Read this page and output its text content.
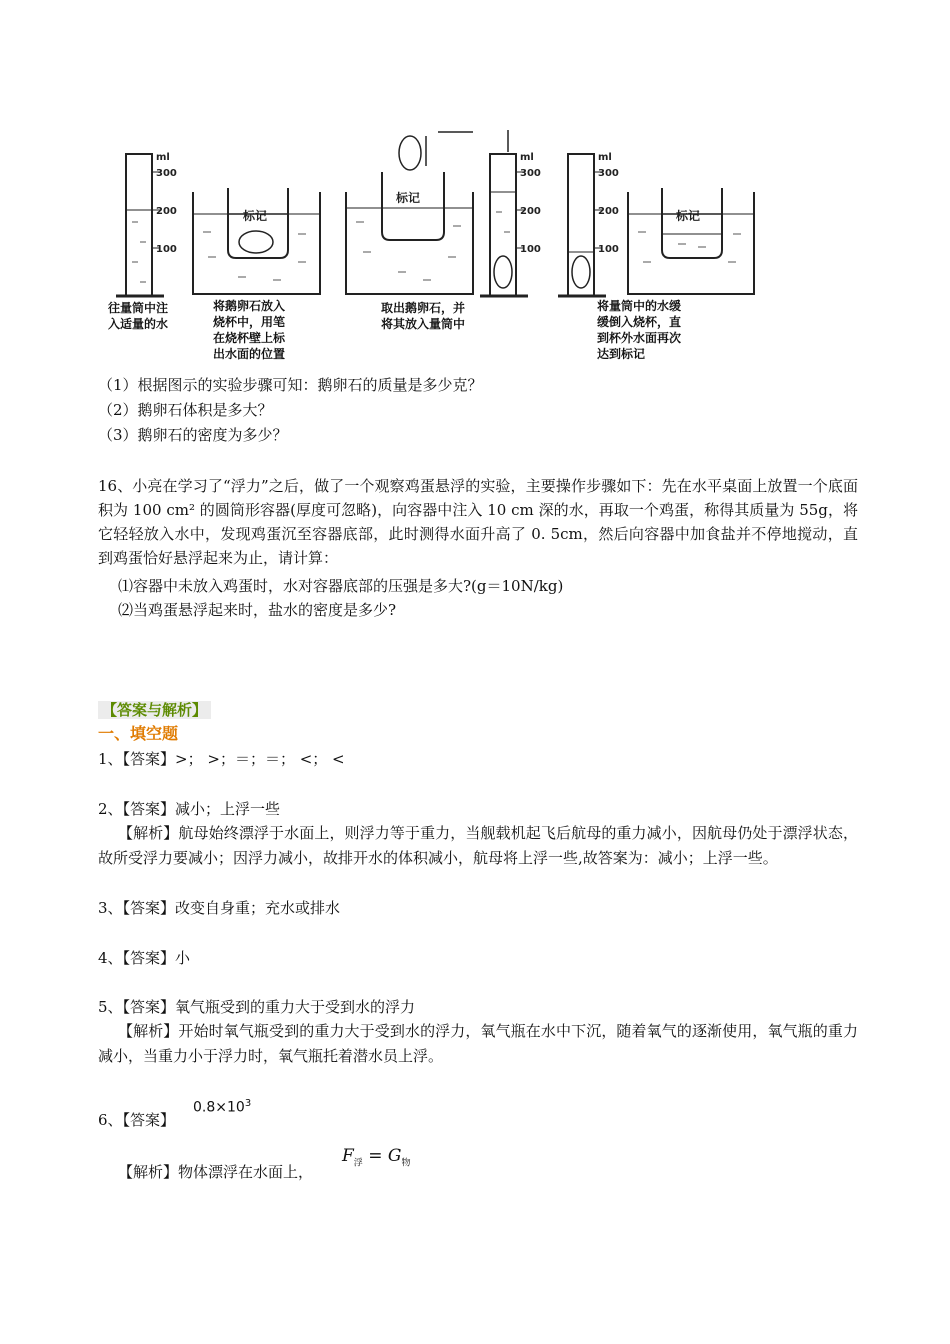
ml
300
200
100
ml
300
200
100
ml
300
200
100
标记
标记
标记
往量筒中注
入适量的水
将鹅卵石放入
烧杯中，用笔
在烧杯壁上标
出水面的位置
取出鹅卵石，并
将其放入量筒中
将量筒中的水缓
缓倒入烧杯，直
到杯外水面再次
达到标记
（1）根据图示的实验步骤可知：鹅卵石的质量是多少克？
（2）鹅卵石体积是多大？
（3）鹅卵石的密度为多少？
16、小亮在学习了“浮力”之后，做了一个观察鸡蛋悬浮的实验，主要操作步骤如下：先在水平桌面上放置一个底面积为 100 cm² 的圆筒形容器(厚度可忽略)，向容器中注入 10 cm 深的水，再取一个鸡蛋，称得其质量为 55g，将它轻轻放入水中，发现鸡蛋沉至容器底部，此时测得水面升高了 0. 5cm，然后向容器中加食盐并不停地搅动，直到鸡蛋恰好悬浮起来为止，请计算：
⑴容器中未放入鸡蛋时，水对容器底部的压强是多大?(g＝10N/kg)
⑵当鸡蛋悬浮起来时，盐水的密度是多少?
【答案与解析】
一、填空题
1、【答案】>； >；＝；＝； <； <
2、【答案】减小；上浮一些
【解析】航母始终漂浮于水面上，则浮力等于重力，当舰载机起飞后航母的重力减小，因航母仍处于漂浮状态，故所受浮力要减小；因浮力减小，故排开水的体积减小，航母将上浮一些,故答案为：减小；上浮一些。
3、【答案】改变自身重；充水或排水
4、【答案】小
5、【答案】氧气瓶受到的重力大于受到水的浮力
【解析】开始时氧气瓶受到的重力大于受到水的浮力，氧气瓶在水中下沉，随着氧气的逐渐使用，氧气瓶的重力减小，当重力小于浮力时，氧气瓶托着潜水员上浮。
6、【答案】
$0.8\times 10^3$
【解析】物体漂浮在水面上，
$F_浮 = G_物$
